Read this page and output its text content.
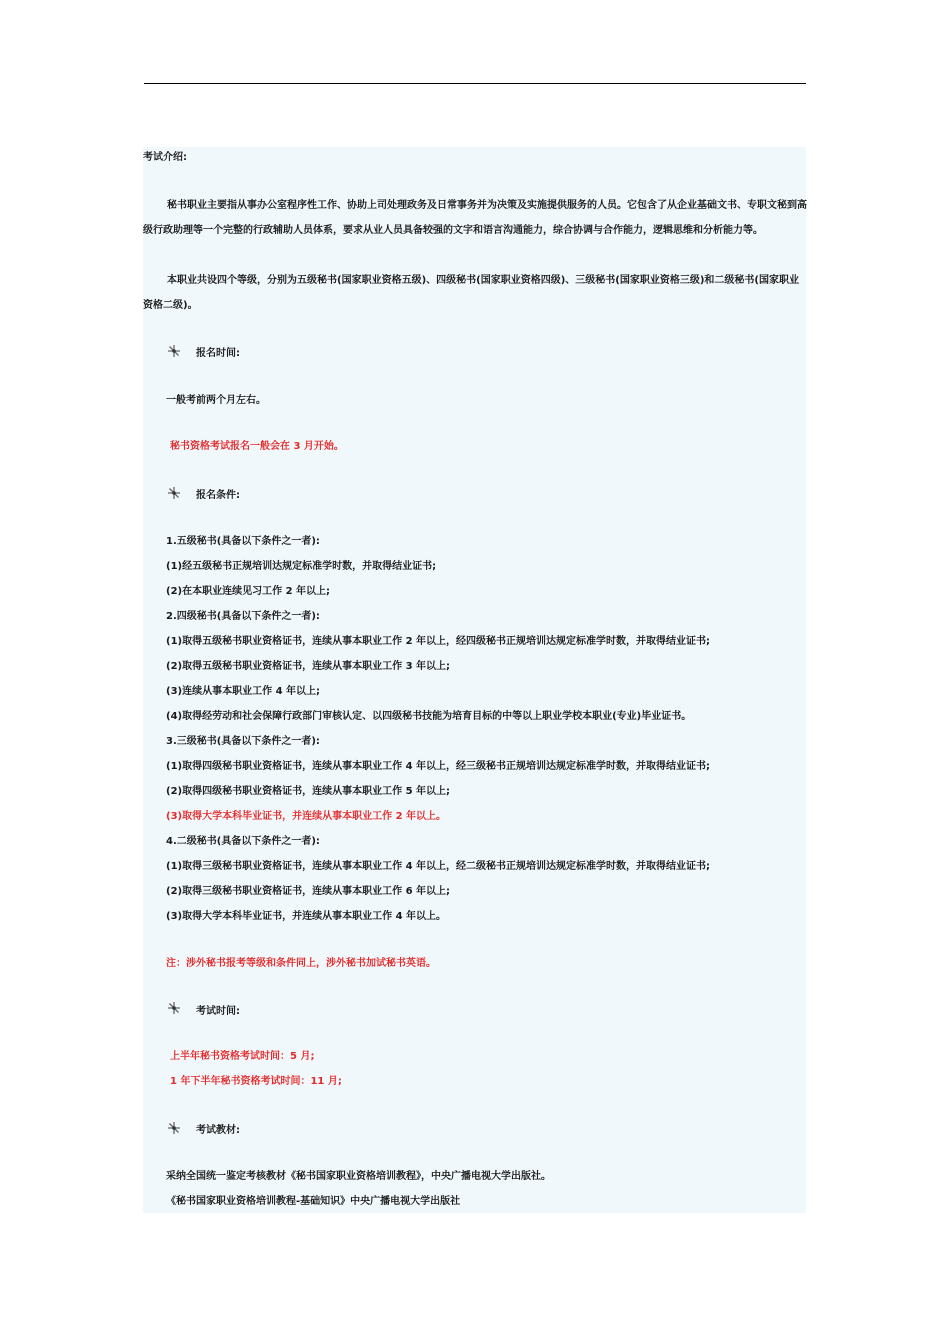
考试介绍:
秘书职业主要指从事办公室程序性工作、协助上司处理政务及日常事务并为决策及实施提供服务的人员。它包含了从企业基础文书、专职文秘到高级行政助理等一个完整的行政辅助人员体系，要求从业人员具备较强的文字和语言沟通能力，综合协调与合作能力，逻辑思维和分析能力等。
本职业共设四个等级，分别为五级秘书(国家职业资格五级)、四级秘书(国家职业资格四级)、三级秘书(国家职业资格三级)和二级秘书(国家职业资格二级)。
报名时间:
一般考前两个月左右。
秘书资格考试报名一般会在 3 月开始。
报名条件:
1.五级秘书(具备以下条件之一者):
(1)经五级秘书正规培训达规定标准学时数，并取得结业证书;
(2)在本职业连续见习工作 2 年以上;
2.四级秘书(具备以下条件之一者):
(1)取得五级秘书职业资格证书，连续从事本职业工作 2 年以上，经四级秘书正规培训达规定标准学时数，并取得结业证书;
(2)取得五级秘书职业资格证书，连续从事本职业工作 3 年以上;
(3)连续从事本职业工作 4 年以上;
(4)取得经劳动和社会保障行政部门审核认定、以四级秘书技能为培育目标的中等以上职业学校本职业(专业)毕业证书。
3.三级秘书(具备以下条件之一者):
(1)取得四级秘书职业资格证书，连续从事本职业工作 4 年以上，经三级秘书正规培训达规定标准学时数，并取得结业证书;
(2)取得四级秘书职业资格证书，连续从事本职业工作 5 年以上;
(3)取得大学本科毕业证书，并连续从事本职业工作 2 年以上。
4.二级秘书(具备以下条件之一者):
(1)取得三级秘书职业资格证书，连续从事本职业工作 4 年以上，经二级秘书正规培训达规定标准学时数，并取得结业证书;
(2)取得三级秘书职业资格证书，连续从事本职业工作 6 年以上;
(3)取得大学本科毕业证书，并连续从事本职业工作 4 年以上。
注：涉外秘书报考等级和条件同上，涉外秘书加试秘书英语。
考试时间:
上半年秘书资格考试时间：5 月;
1 年下半年秘书资格考试时间：11 月;
考试教材:
采纳全国统一鉴定考核教材《秘书国家职业资格培训教程》，中央广播电视大学出版社。
《秘书国家职业资格培训教程-基础知识》中央广播电视大学出版社
